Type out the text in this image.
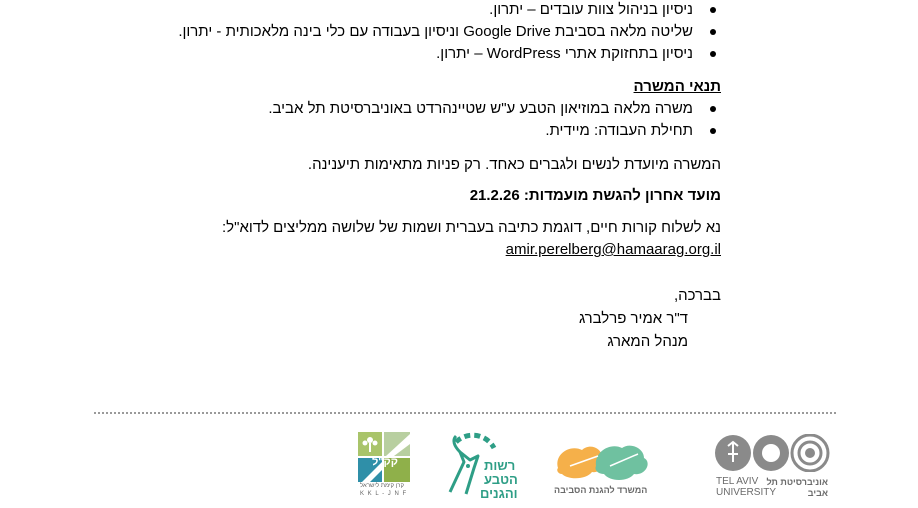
ניסיון בניהול צוות עובדים – יתרון.
שליטה מלאה בסביבת Google Drive וניסיון בעבודה עם כלי בינה מלאכותית - יתרון.
ניסיון בתחזוקת אתרי WordPress – יתרון.
תנאי המשרה
משרה מלאה במוזיאון הטבע ע"ש שטיינהרדט באוניברסיטת תל אביב.
תחילת העבודה: מיידית.
המשרה מיועדת לנשים ולגברים כאחד. רק פניות מתאימות תיענינה.
מועד אחרון להגשת מועמדות: 21.2.26
נא לשלוח קורות חיים, דוגמת כתיבה בעברית ושמות של שלושה ממליצים לדוא"ל:
amir.perelberg@hamaarag.org.il
בברכה,
ד"ר אמיר פרלברג
מנהל המארג
קק"ל
קרן קימת לישראל
K K L - J N F
רשות
הטבע
והגנים	המשרד להגנת הסביבה
אוניברסיטת תל אביב
TEL AVIV
UNIVERSITY
